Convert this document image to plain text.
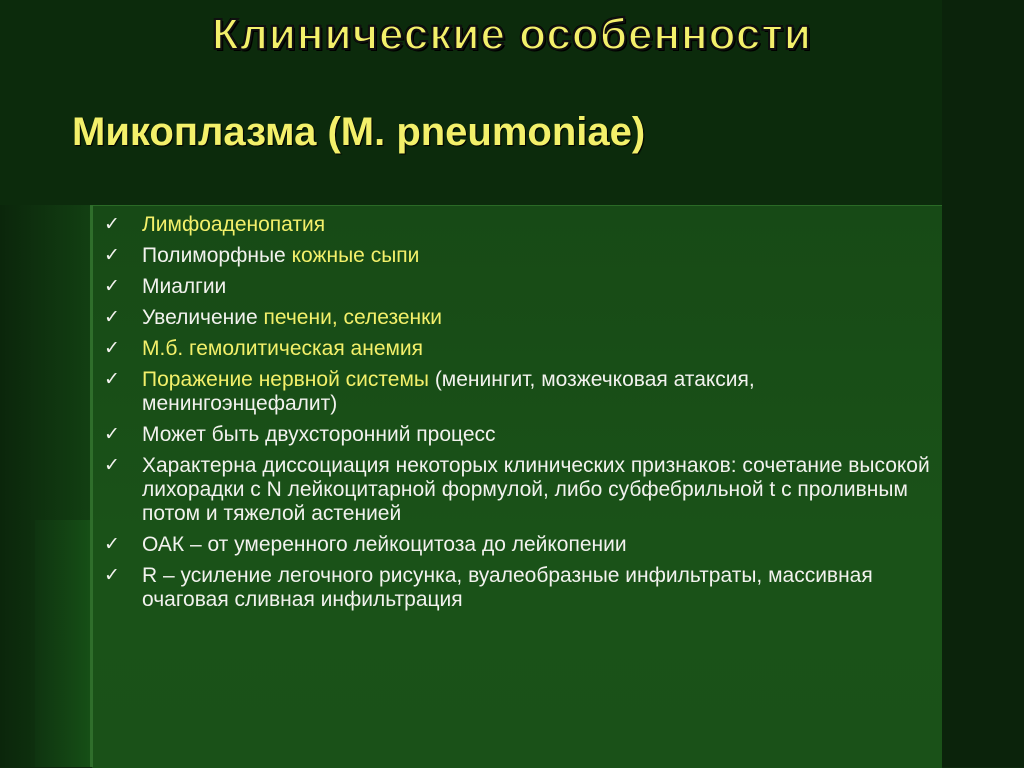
Клинические особенности
Микоплазма (M. pneumoniae)
✓ Лимфоаденопатия
✓ Полиморфные кожные сыпи
✓ Миалгии
✓ Увеличение печени, селезенки
✓ М.б. гемолитическая анемия
✓ Поражение нервной системы (менингит, мозжечковая атаксия, менингоэнцефалит)
✓ Может быть двухсторонний процесс
✓ Характерна диссоциация некоторых клинических признаков: сочетание высокой лихорадки с N лейкоцитарной формулой, либо субфебрильной t с проливным потом и тяжелой астенией
✓ ОАК – от умеренного лейкоцитоза до лейкопении
✓ R – усиление легочного рисунка, вуалеобразные инфильтраты, массивная очаговая сливная инфильтрация
